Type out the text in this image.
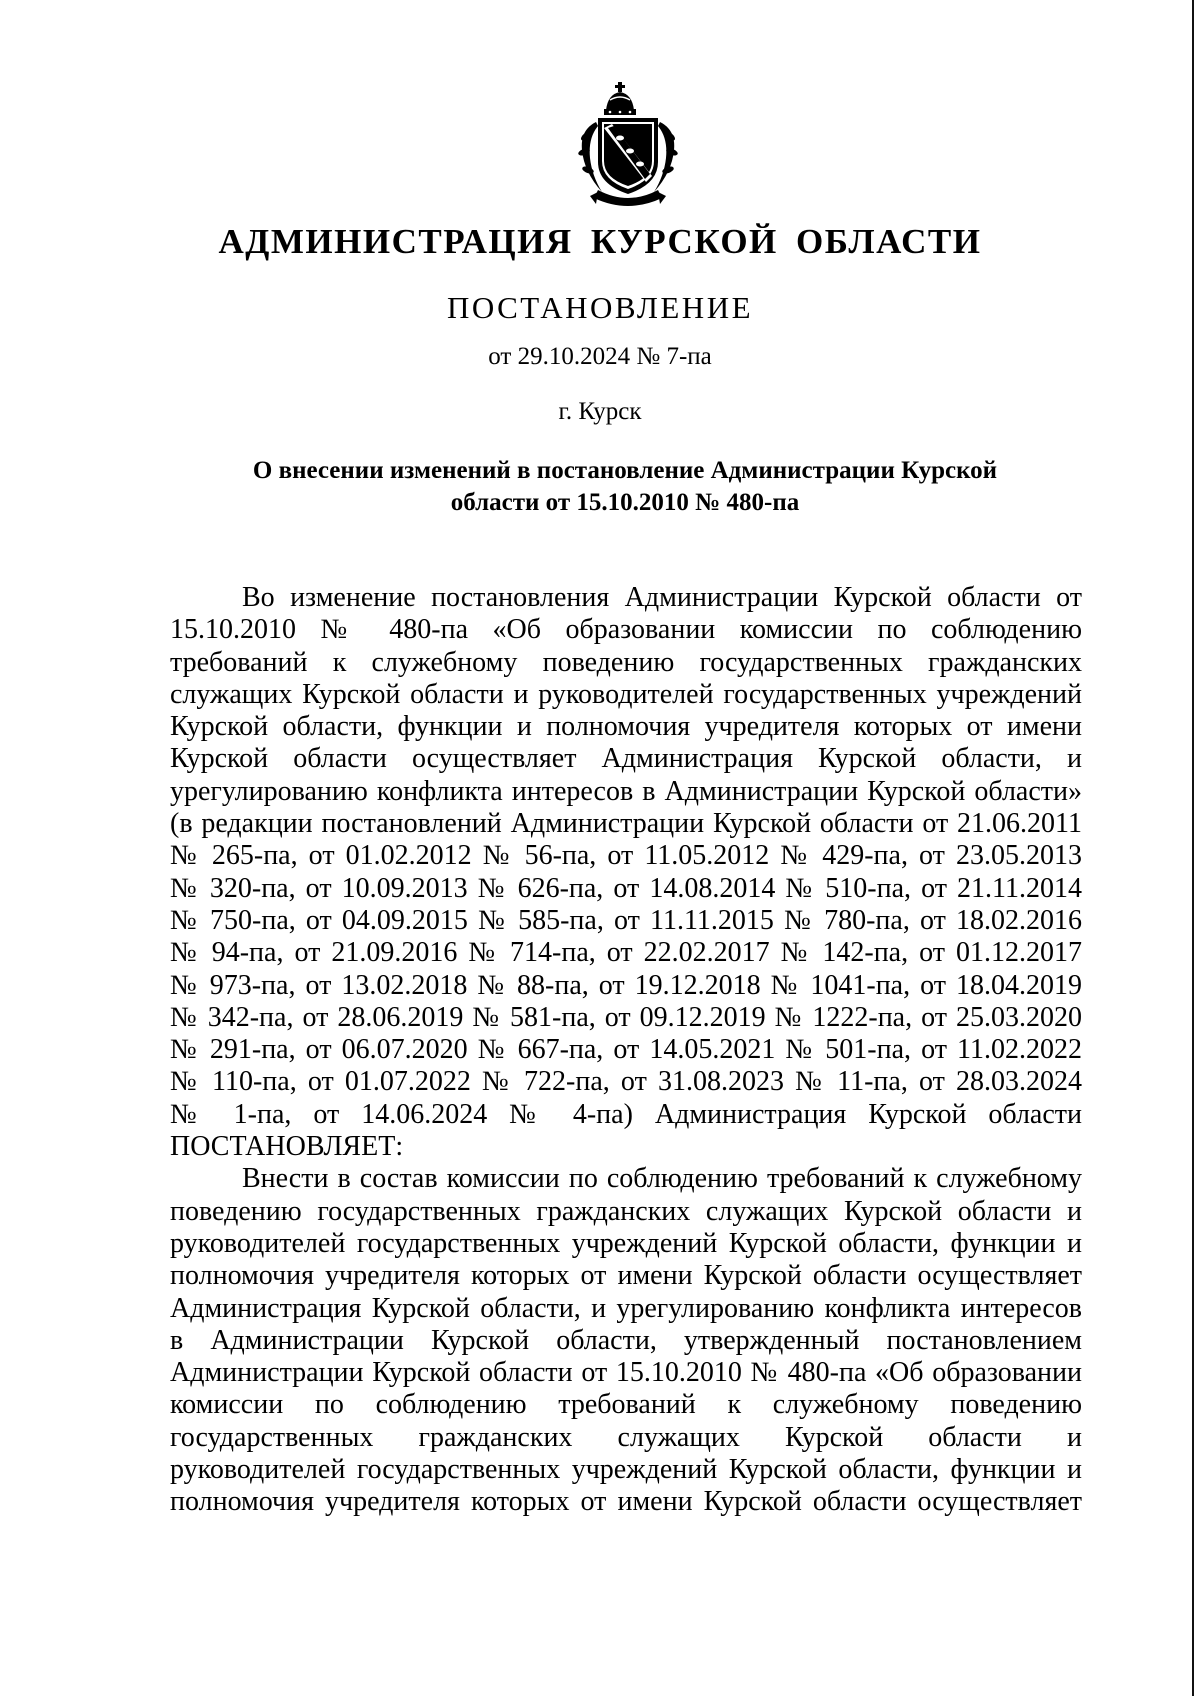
АДМИНИСТРАЦИЯ КУРСКОЙ ОБЛАСТИ
ПОСТАНОВЛЕНИЕ
от 29.10.2024 № 7-па
г. Курск
О внесении изменений в постановление Администрации Курской
области от 15.10.2010 № 480-па
Во изменение постановления Администрации Курской области от
15.10.2010 № 480-па «Об образовании комиссии по соблюдению
требований к служебному поведению государственных гражданских
служащих Курской области и руководителей государственных учреждений
Курской области, функции и полномочия учредителя которых от имени
Курской области осуществляет Администрация Курской области, и
урегулированию конфликта интересов в Администрации Курской области»
(в редакции постановлений Администрации Курской области от 21.06.2011
№ 265-па, от 01.02.2012 № 56-па, от 11.05.2012 № 429-па, от 23.05.2013
№ 320-па, от 10.09.2013 № 626-па, от 14.08.2014 № 510-па, от 21.11.2014
№ 750-па, от 04.09.2015 № 585-па, от 11.11.2015 № 780-па, от 18.02.2016
№ 94-па, от 21.09.2016 № 714-па, от 22.02.2017 № 142-па, от 01.12.2017
№ 973-па, от 13.02.2018 № 88-па, от 19.12.2018 № 1041-па, от 18.04.2019
№ 342-па, от 28.06.2019 № 581-па, от 09.12.2019 № 1222-па, от 25.03.2020
№ 291-па, от 06.07.2020 № 667-па, от 14.05.2021 № 501-па, от 11.02.2022
№ 110-па, от 01.07.2022 № 722-па, от 31.08.2023 № 11-па, от 28.03.2024
№ 1-па, от 14.06.2024 № 4-па) Администрация Курской области
ПОСТАНОВЛЯЕТ:
Внести в состав комиссии по соблюдению требований к служебному
поведению государственных гражданских служащих Курской области и
руководителей государственных учреждений Курской области, функции и
полномочия учредителя которых от имени Курской области осуществляет
Администрация Курской области, и урегулированию конфликта интересов
в Администрации Курской области, утвержденный постановлением
Администрации Курской области от 15.10.2010 № 480-па «Об образовании
комиссии по соблюдению требований к служебному поведению
государственных гражданских служащих Курской области и
руководителей государственных учреждений Курской области, функции и
полномочия учредителя которых от имени Курской области осуществляет
